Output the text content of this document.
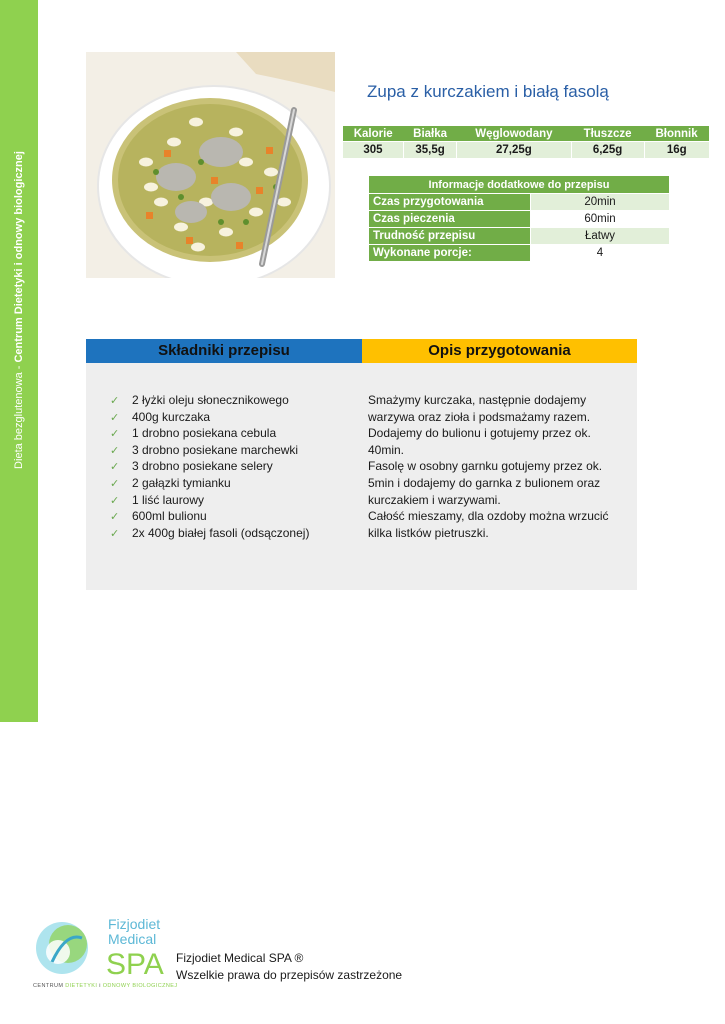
Dieta bezglutenowa - Centrum Dietetyki i odnowy biologicznej
Zupa z kurczakiem i białą fasolą
Kalorie	Białka	Węglowodany	Tłuszcze	Błonnik
305	35,5g	27,25g	6,25g	16g
Informacje dodatkowe do przepisu	
Czas przygotowania	20min
Czas pieczenia	60min
Trudność przepisu	Łatwy
Wykonane porcje:	4
Składniki przepisu	Opis przygotowania
✓ 2 łyżki oleju słonecznikowego
✓ 400g kurczaka
✓ 1 drobno posiekana cebula
✓ 3 drobno posiekane marchewki
✓ 3 drobno posiekane selery
✓ 2 gałązki tymianku
✓ 1 liść laurowy
✓ 600ml bulionu
✓ 2x 400g białej fasoli (odsączonej)
Smażymy kurczaka, następnie dodajemy
warzywa oraz zioła i podsmażamy razem.
Dodajemy do bulionu i gotujemy przez ok.
40min.
Fasolę w osobny garnku gotujemy przez ok.
5min i dodajemy do garnka z bulionem oraz
kurczakiem i warzywami.
Całość mieszamy, dla ozdoby można wrzucić
kilka listków pietruszki.
Fizjodiet
Medical
SPA
CENTRUM DIETETYKI i ODNOWY BIOLOGICZNEJ
Fizjodiet Medical SPA ®
Wszelkie prawa do przepisów zastrzeżone
